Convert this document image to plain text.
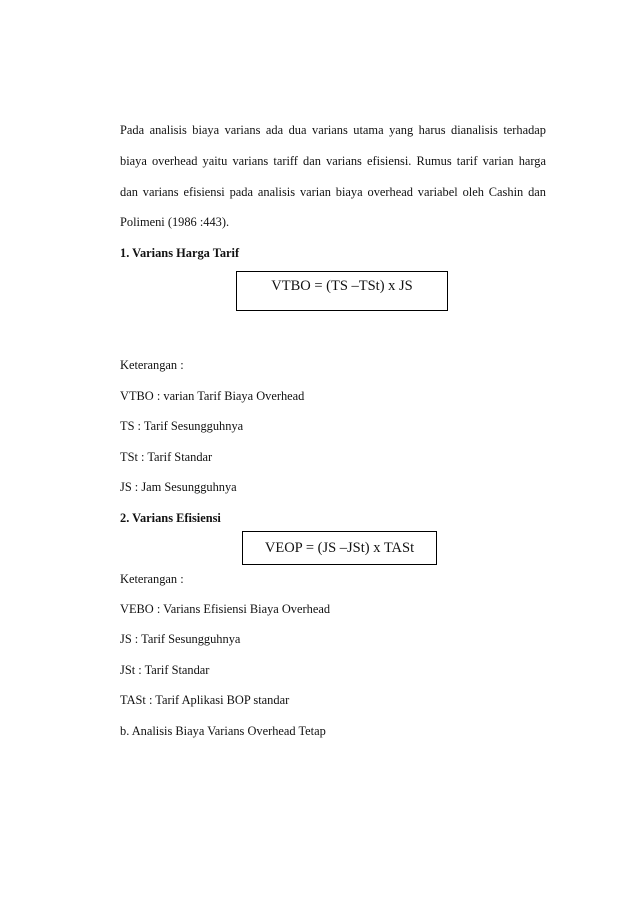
Pada analisis biaya varians ada dua varians utama yang harus dianalisis terhadap
biaya overhead yaitu varians tariff dan varians efisiensi. Rumus tarif varian harga
dan varians efisiensi pada analisis varian biaya overhead variabel oleh Cashin dan
Polimeni (1986 :443).
1. Varians Harga Tarif
VTBO = (TS –TSt) x JS
Keterangan :
VTBO : varian Tarif Biaya Overhead
TS : Tarif Sesungguhnya
TSt : Tarif Standar
JS : Jam Sesungguhnya
2. Varians Efisiensi
VEOP = (JS –JSt) x TASt
Keterangan :
VEBO : Varians Efisiensi Biaya Overhead
JS : Tarif Sesungguhnya
JSt : Tarif Standar
TASt : Tarif Aplikasi BOP standar
b. Analisis Biaya Varians Overhead Tetap
